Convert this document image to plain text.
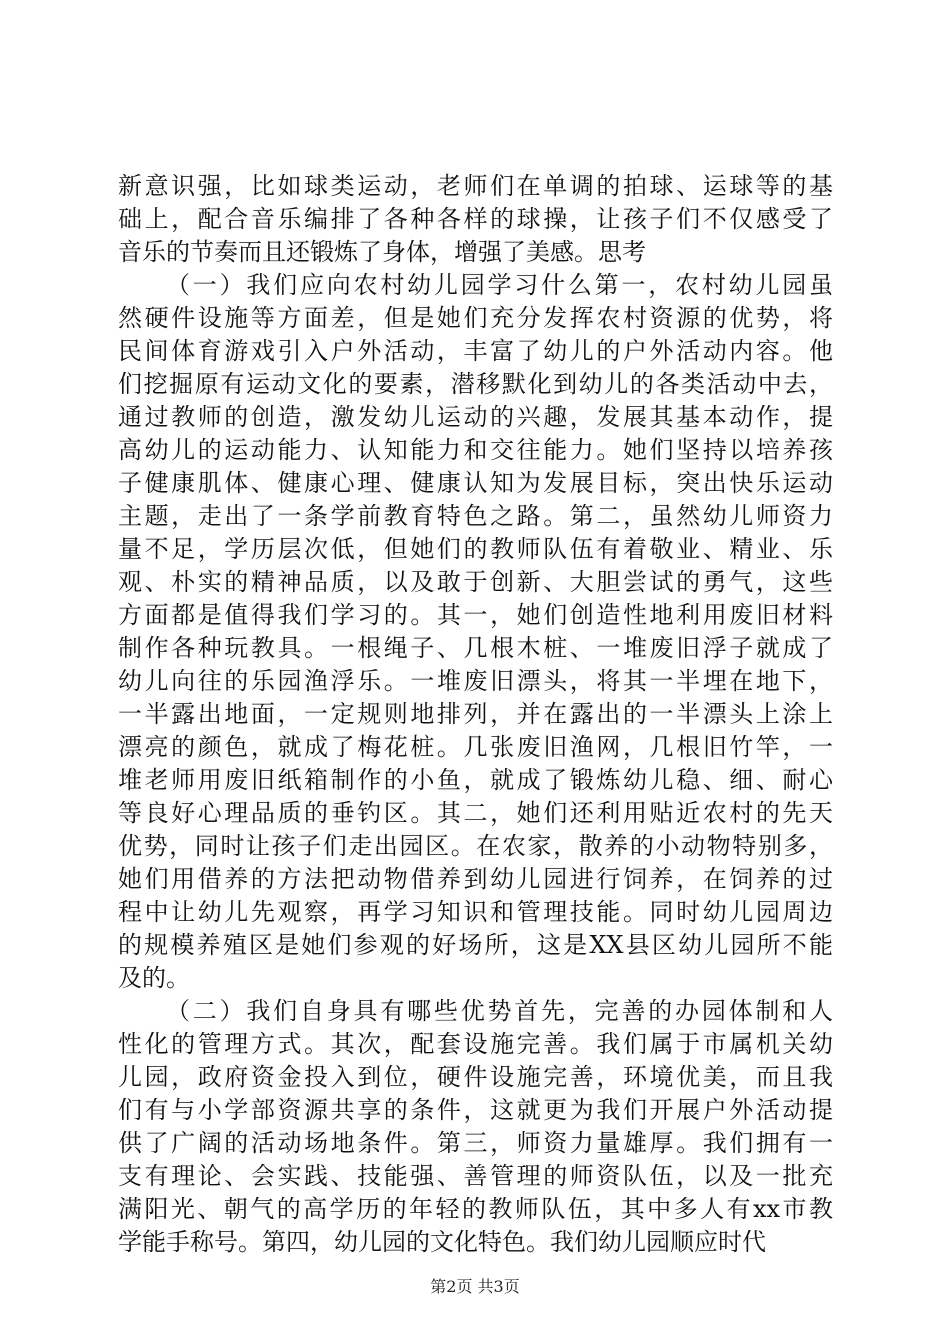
新意识强，比如球类运动，老师们在单调的拍球、运球等的基
础上，配合音乐编排了各种各样的球操，让孩子们不仅感受了
音乐的节奏而且还锻炼了身体，增强了美感。思考
（一）我们应向农村幼儿园学习什么第一，农村幼儿园虽
然硬件设施等方面差，但是她们充分发挥农村资源的优势，将
民间体育游戏引入户外活动，丰富了幼儿的户外活动内容。他
们挖掘原有运动文化的要素，潜移默化到幼儿的各类活动中去，
通过教师的创造，激发幼儿运动的兴趣，发展其基本动作，提
高幼儿的运动能力、认知能力和交往能力。她们坚持以培养孩
子健康肌体、健康心理、健康认知为发展目标，突出快乐运动
主题，走出了一条学前教育特色之路。第二，虽然幼儿师资力
量不足，学历层次低，但她们的教师队伍有着敬业、精业、乐
观、朴实的精神品质，以及敢于创新、大胆尝试的勇气，这些
方面都是值得我们学习的。其一，她们创造性地利用废旧材料
制作各种玩教具。一根绳子、几根木桩、一堆废旧浮子就成了
幼儿向往的乐园渔浮乐。一堆废旧漂头，将其一半埋在地下，
一半露出地面，一定规则地排列，并在露出的一半漂头上涂上
漂亮的颜色，就成了梅花桩。几张废旧渔网，几根旧竹竿，一
堆老师用废旧纸箱制作的小鱼，就成了锻炼幼儿稳、细、耐心
等良好心理品质的垂钓区。其二，她们还利用贴近农村的先天
优势，同时让孩子们走出园区。在农家，散养的小动物特别多，
她们用借养的方法把动物借养到幼儿园进行饲养，在饲养的过
程中让幼儿先观察，再学习知识和管理技能。同时幼儿园周边
的规模养殖区是她们参观的好场所，这是XX县区幼儿园所不能
及的。
（二）我们自身具有哪些优势首先，完善的办园体制和人
性化的管理方式。其次，配套设施完善。我们属于市属机关幼
儿园，政府资金投入到位，硬件设施完善，环境优美，而且我
们有与小学部资源共享的条件，这就更为我们开展户外活动提
供了广阔的活动场地条件。第三，师资力量雄厚。我们拥有一
支有理论、会实践、技能强、善管理的师资队伍，以及一批充
满阳光、朝气的高学历的年轻的教师队伍，其中多人有xx市教
学能手称号。第四，幼儿园的文化特色。我们幼儿园顺应时代
第2页 共3页
